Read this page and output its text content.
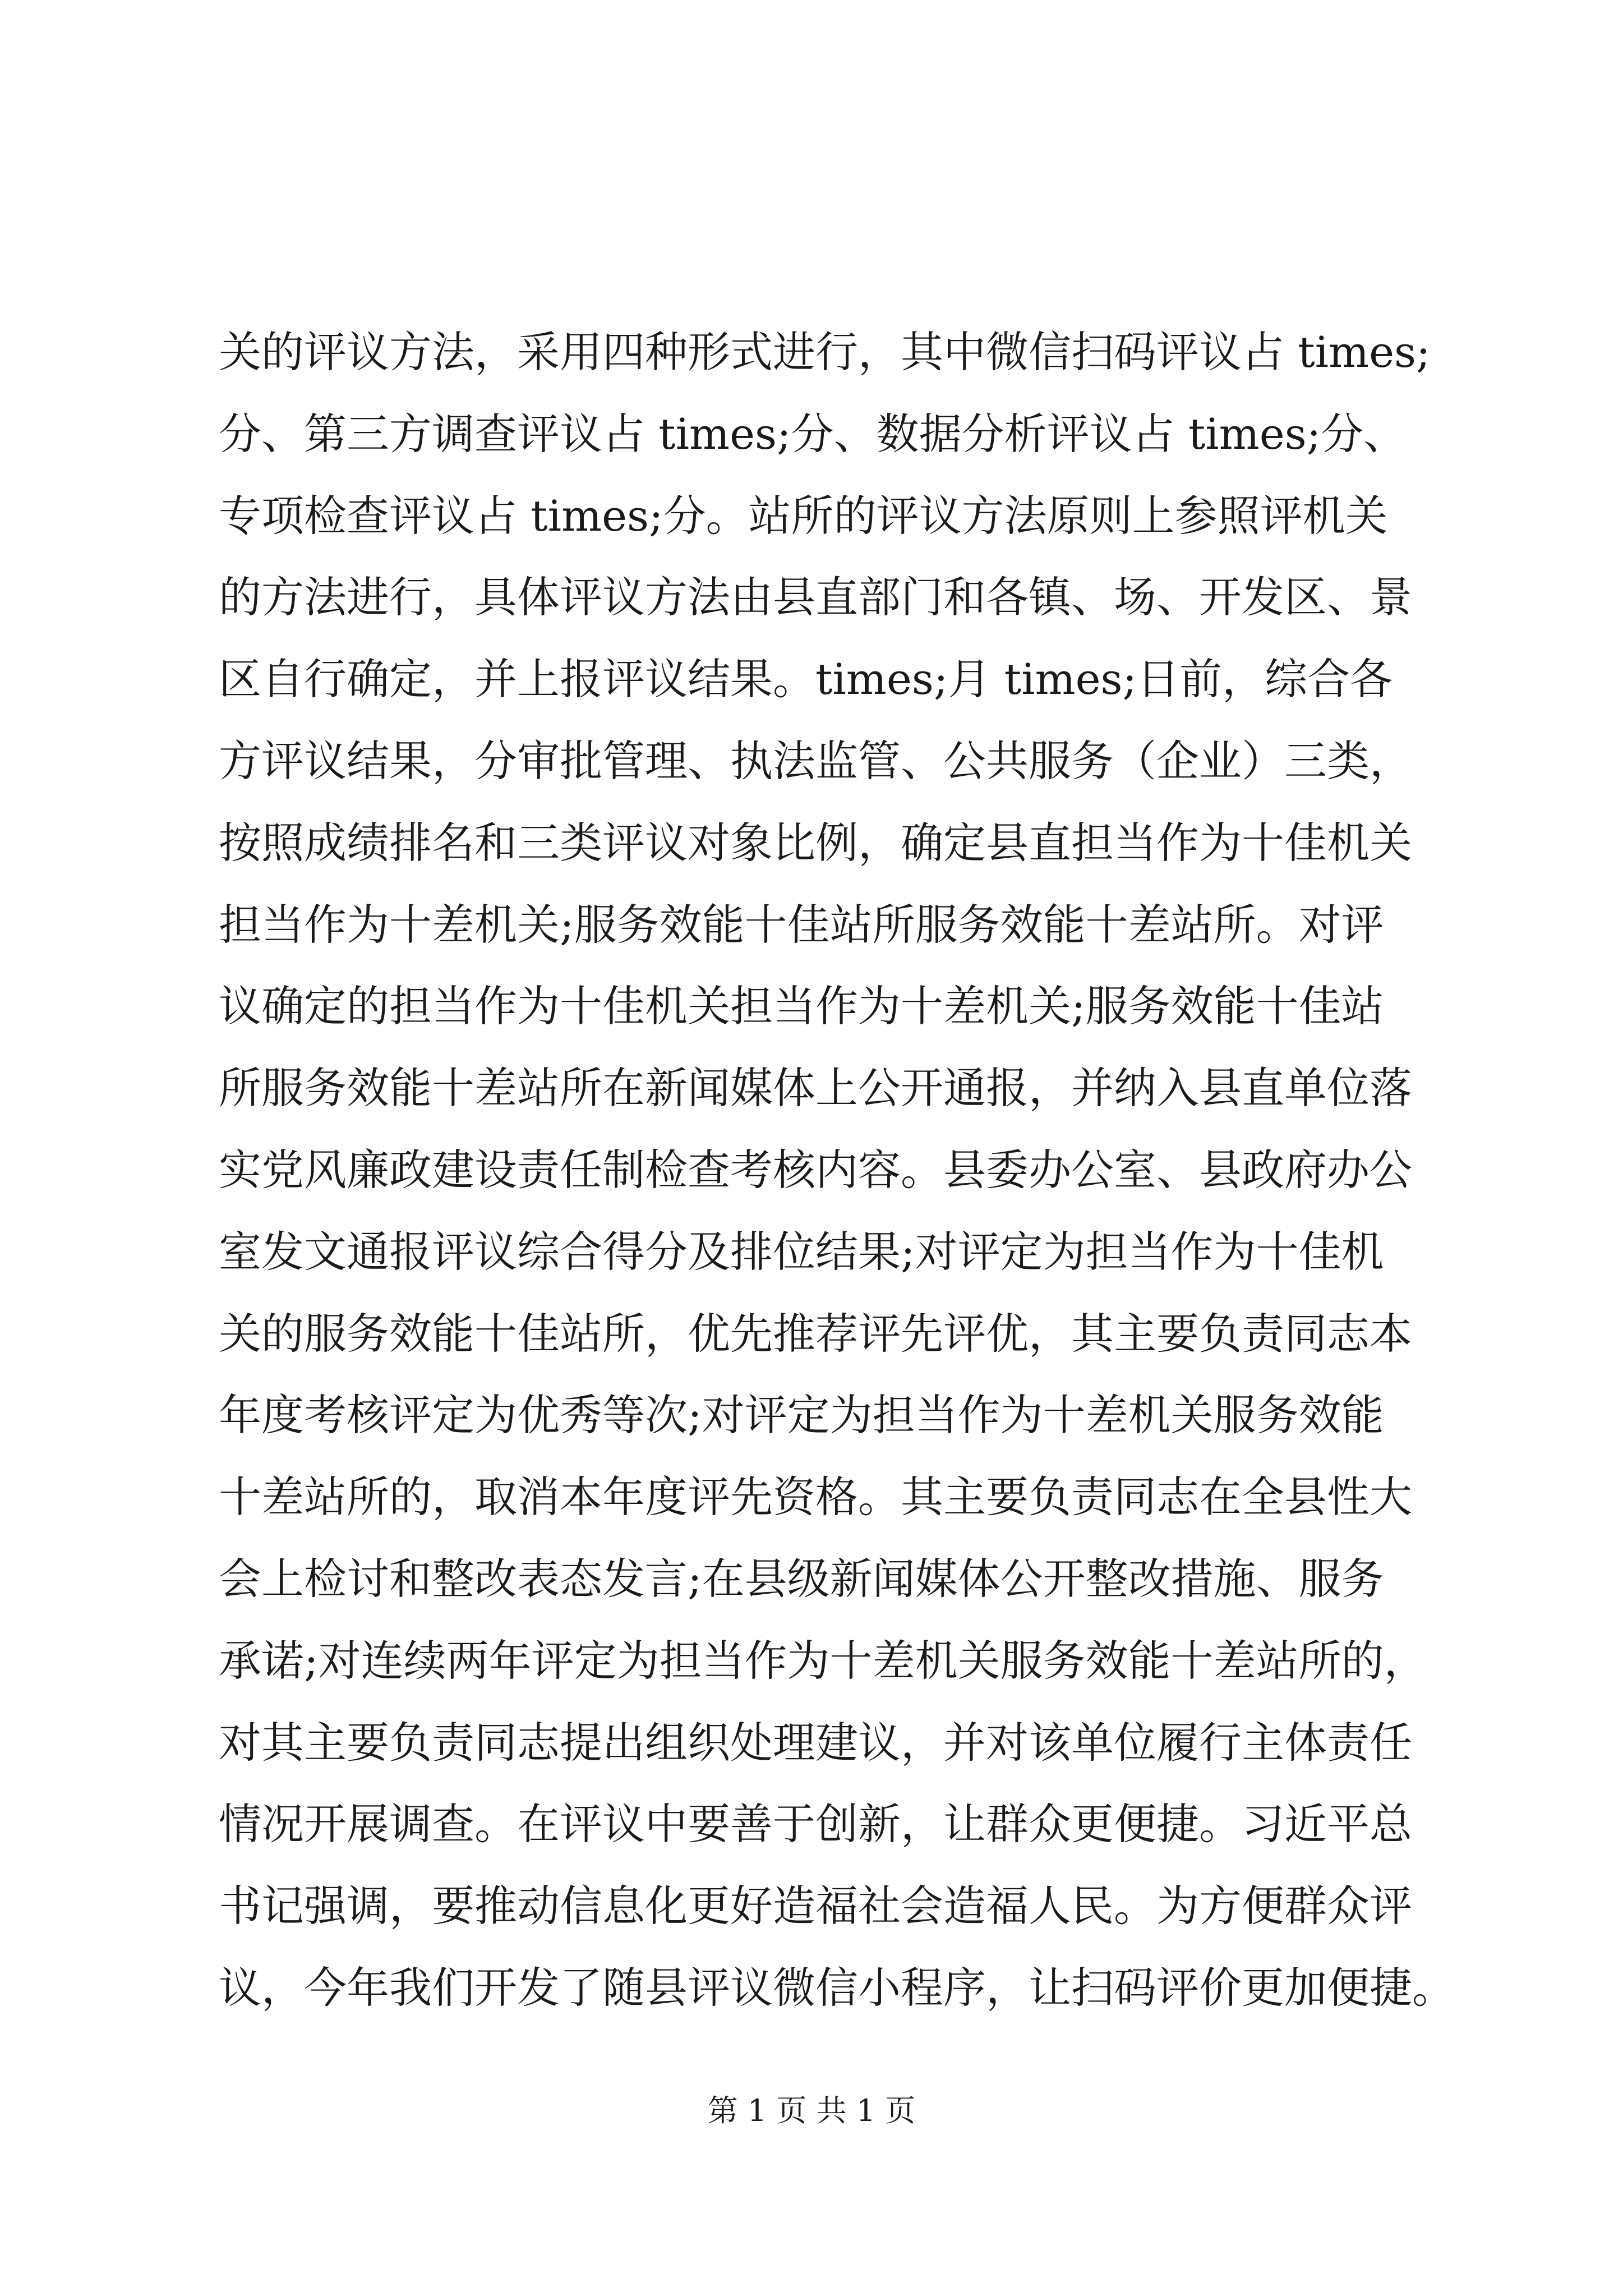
关的评议方法，采用四种形式进行，其中微信扫码评议占 times;
分、第三方调查评议占 times;分、数据分析评议占 times;分、
专项检查评议占 times;分。站所的评议方法原则上参照评机关
的方法进行，具体评议方法由县直部门和各镇、场、开发区、景
区自行确定，并上报评议结果。times;月 times;日前，综合各
方评议结果，分审批管理、执法监管、公共服务（企业）三类，
按照成绩排名和三类评议对象比例，确定县直担当作为十佳机关
担当作为十差机关;服务效能十佳站所服务效能十差站所。对评
议确定的担当作为十佳机关担当作为十差机关;服务效能十佳站
所服务效能十差站所在新闻媒体上公开通报，并纳入县直单位落
实党风廉政建设责任制检查考核内容。县委办公室、县政府办公
室发文通报评议综合得分及排位结果;对评定为担当作为十佳机
关的服务效能十佳站所，优先推荐评先评优，其主要负责同志本
年度考核评定为优秀等次;对评定为担当作为十差机关服务效能
十差站所的，取消本年度评先资格。其主要负责同志在全县性大
会上检讨和整改表态发言;在县级新闻媒体公开整改措施、服务
承诺;对连续两年评定为担当作为十差机关服务效能十差站所的，
对其主要负责同志提出组织处理建议，并对该单位履行主体责任
情况开展调查。在评议中要善于创新，让群众更便捷。习近平总
书记强调，要推动信息化更好造福社会造福人民。为方便群众评
议，今年我们开发了随县评议微信小程序，让扫码评价更加便捷。
第 1 页 共 1 页
